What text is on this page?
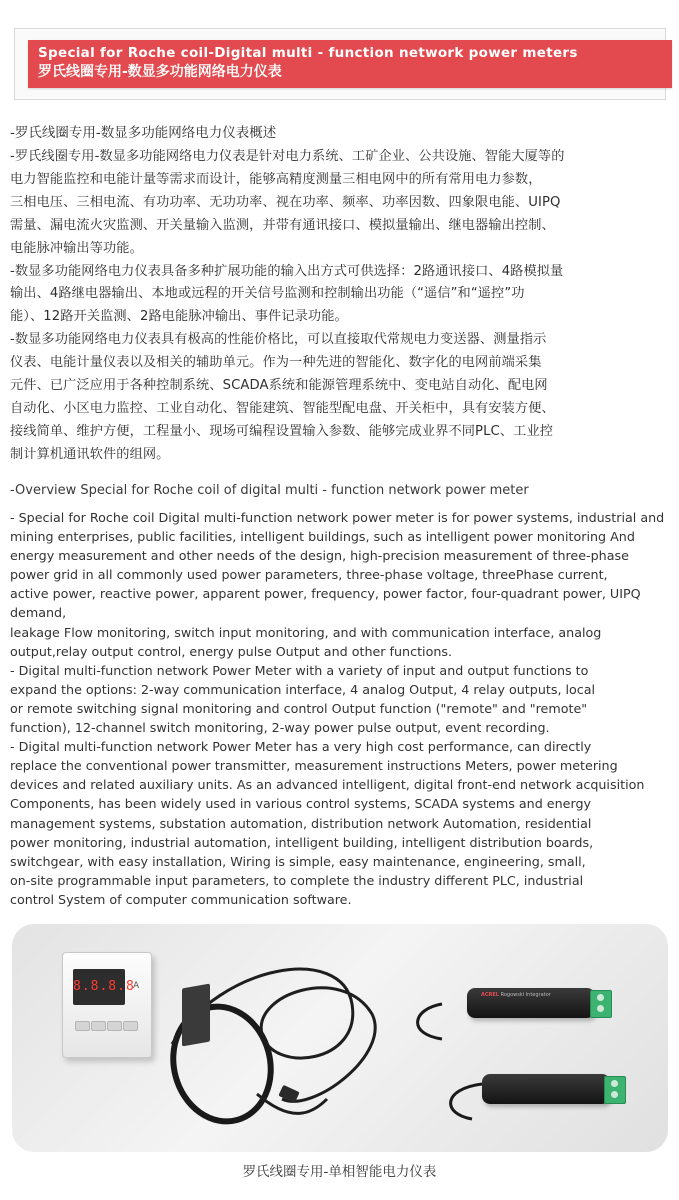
Special for Roche coil-Digital multi - function network power meters
罗氏线圈专用-数显多功能网络电力仪表
-罗氏线圈专用-数显多功能网络电力仪表概述

-罗氏线圈专用-数显多功能网络电力仪表是针对电力系统、工矿企业、公共设施、智能大厦等的

电力智能监控和电能计量等需求而设计，能够高精度测量三相电网中的所有常用电力参数，

三相电压、三相电流、有功功率、无功功率、视在功率、频率、功率因数、四象限电能、UIPQ

需量、漏电流火灾监测、开关量输入监测，并带有通讯接口、模拟量输出、继电器输出控制、

电能脉冲输出等功能。

-数显多功能网络电力仪表具备多种扩展功能的输入出方式可供选择：2路通讯接口、4路模拟量

输出、4路继电器输出、本地或远程的开关信号监测和控制输出功能（“遥信”和“遥控”功

能）、12路开关监测、2路电能脉冲输出、事件记录功能。

-数显多功能网络电力仪表具有极高的性能价格比，可以直接取代常规电力变送器、测量指示

仪表、电能计量仪表以及相关的辅助单元。作为一种先进的智能化、数字化的电网前端采集

元件、已广泛应用于各种控制系统、SCADA系统和能源管理系统中、变电站自动化、配电网

自动化、小区电力监控、工业自动化、智能建筑、智能型配电盘、开关柜中，具有安装方便、

接线简单、维护方便，工程量小、现场可编程设置输入参数、能够完成业界不同PLC、工业控

制计算机通讯软件的组网。

-Overview Special for Roche coil of digital multi - function network power meter

- Special for Roche coil Digital multi-function network power meter is for power systems, industrial and

mining enterprises, public facilities, intelligent buildings, such as intelligent power monitoring And

energy measurement and other needs of the design, high-precision measurement of three-phase

power grid in all commonly used power parameters, three-phase voltage, threePhase current,

active power, reactive power, apparent power, frequency, power factor, four-quadrant power, UIPQ demand,

leakage Flow monitoring, switch input monitoring, and with communication interface, analog

output,relay output control, energy pulse Output and other functions.

- Digital multi-function network Power Meter with a variety of input and output functions to

expand the options: 2-way communication interface, 4 analog Output, 4 relay outputs, local

or remote switching signal monitoring and control Output function ("remote" and "remote"

function), 12-channel switch monitoring, 2-way power pulse output, event recording.

- Digital multi-function network Power Meter has a very high cost performance, can directly

replace the conventional power transmitter, measurement instructions Meters, power metering

devices and related auxiliary units. As an advanced intelligent, digital front-end network acquisition

Components, has been widely used in various control systems, SCADA systems and energy

management systems, substation automation, distribution network Automation, residential

power monitoring, industrial automation, intelligent building, intelligent distribution boards,

switchgear, with easy installation, Wiring is simple, easy maintenance, engineering, small,

on-site programmable input parameters, to complete the industry different PLC, industrial

control System of computer communication software.

8.8.8.8
A
ACREL Rogowski Integrator
罗氏线圈专用-单相智能电力仪表
